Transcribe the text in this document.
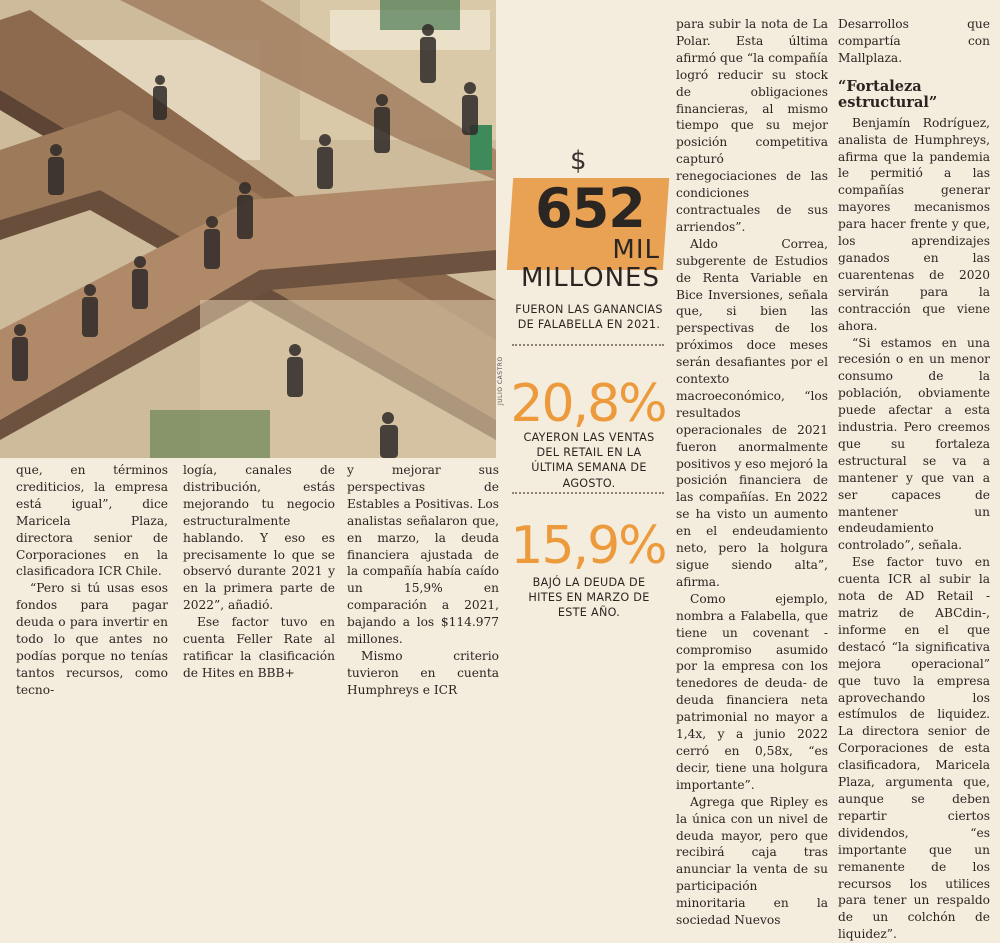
JULIO CASTRO

que, en términos crediticios, la empresa está igual”, dice Maricela Plaza, directora senior de Corporaciones en la clasificadora ICR Chile.

“Pero si tú usas esos fondos para pagar deuda o para invertir en todo lo que antes no podías porque no tenías tantos recursos, como tecno-

logía, canales de distribución, estás mejorando tu negocio estructuralmente hablando. Y eso es precisamente lo que se observó durante 2021 y en la primera parte de 2022”, añadió.

Ese factor tuvo en cuenta Feller Rate al ratificar la clasificación de Hites en BBB+

y mejorar sus perspectivas de Estables a Positivas. Los analistas señalaron que, en marzo, la deuda financiera ajustada de la compañía había caído un 15,9% en comparación a 2021, bajando a los $114.977 millones.

Mismo criterio tuvieron en cuenta Humphreys e ICR

$
652
MIL
MILLONES
FUERON LAS GANANCIAS DE FALABELLA EN 2021.
20,8%
CAYERON LAS VENTAS DEL RETAIL EN LA ÚLTIMA SEMANA DE AGOSTO.
15,9%
BAJÓ LA DEUDA DE HITES EN MARZO DE ESTE AÑO.

para subir la nota de La Polar. Esta última afirmó que “la compañía logró reducir su stock de obligaciones financieras, al mismo tiempo que su mejor posición competitiva capturó renegociaciones de las condiciones contractuales de sus arriendos”.

Aldo Correa, subgerente de Estudios de Renta Variable en Bice Inversiones, señala que, si bien las perspectivas de los próximos doce meses serán desafiantes por el contexto macroeconómico, “los resultados operacionales de 2021 fueron anormalmente positivos y eso mejoró la posición financiera de las compañías. En 2022 se ha visto un aumento en el endeudamiento neto, pero la holgura sigue siendo alta”, afirma.

Como ejemplo, nombra a Falabella, que tiene un covenant -compromiso asumido por la empresa con los tenedores de deuda- de deuda financiera neta patrimonial no mayor a 1,4x, y a junio 2022 cerró en 0,58x, “es decir, tiene una holgura importante”.

Agrega que Ripley es la única con un nivel de deuda mayor, pero que recibirá caja tras anunciar la venta de su participación minoritaria en la sociedad Nuevos

Desarrollos que compartía con Mallplaza.

“Fortaleza estructural”

Benjamín Rodríguez, analista de Humphreys, afirma que la pandemia le permitió a las compañías generar mayores mecanismos para hacer frente y que, los aprendizajes ganados en las cuarentenas de 2020 servirán para la contracción que viene ahora.

“Si estamos en una recesión o en un menor consumo de la población, obviamente puede afectar a esta industria. Pero creemos que su fortaleza estructural se va a mantener y que van a ser capaces de mantener un endeudamiento controlado”, señala.

Ese factor tuvo en cuenta ICR al subir la nota de AD Retail -matriz de ABCdin-, informe en el que destacó “la significativa mejora operacional” que tuvo la empresa aprovechando los estímulos de liquidez. La directora senior de Corporaciones de esta clasificadora, Maricela Plaza, argumenta que, aunque se deben repartir ciertos dividendos, “es importante que un remanente de los recursos los utilices para tener un respaldo de un colchón de liquidez”.
